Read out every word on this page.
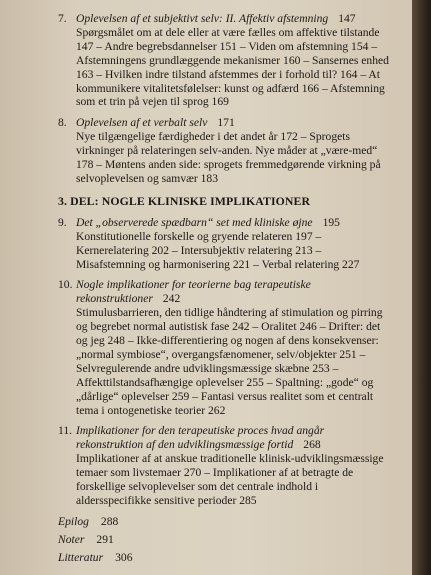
7. Oplevelsen af et subjektivt selv: II. Affektiv afstemning 147
Spørgsmålet om at dele eller at være fælles om affektive tilstande 147 – Andre begrebsdannelser 151 – Viden om afstemning 154 – Afstemningens grundlæggende mekanismer 160 – Sansernes enhed 163 – Hvilken indre tilstand afstemmes der i forhold til? 164 – At kommunikere vitalitetsfølelser: kunst og adfærd 166 – Afstemning som et trin på vejen til sprog 169
8. Oplevelsen af et verbalt selv 171
Nye tilgængelige færdigheder i det andet år 172 – Sprogets virkninger på relateringen selv-anden. Nye måder at „være-med“ 178 – Møntens anden side: sprogets fremmedgørende virkning på selvoplevelsen og samvær 183
3. DEL: NOGLE KLINISKE IMPLIKATIONER
9. Det „observerede spædbarn“ set med kliniske øjne 195
Konstitutionelle forskelle og gryende relateren 197 – Kernerelatering 202 – Intersubjektiv relatering 213 – Misafstemning og harmonisering 221 – Verbal relatering 227
10. Nogle implikationer for teorierne bag terapeutiske rekonstruktioner 242
Stimulusbarrieren, den tidlige håndtering af stimulation og pirring og begrebet normal autistisk fase 242 – Oralitet 246 – Drifter: det og jeg 248 – Ikke-differentiering og nogen af dens konsekvenser: „normal symbiose“, overgangsfænomener, selv/objekter 251 – Selvregulerende andre udviklingsmæssige skæbne 253 – Affekttilstandsafhængige oplevelser 255 – Spaltning: „gode“ og „dårlige“ oplevelser 259 – Fantasi versus realitet som et centralt tema i ontogenetiske teorier 262
11. Implikationer for den terapeutiske proces hvad angår rekonstruktion af den udviklingsmæssige fortid 268
Implikationer af at anskue traditionelle klinisk-udviklingsmæssige temaer som livstemaer 270 – Implikationer af at betragte de forskellige selvoplevelser som det centrale indhold i aldersspecifikke sensitive perioder 285
Epilog 288
Noter 291
Litteratur 306
